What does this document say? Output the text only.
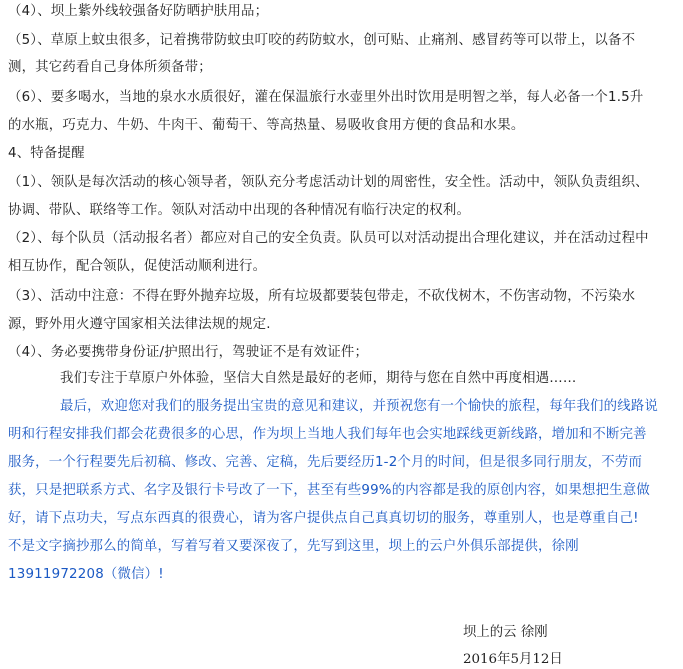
（4）、坝上紫外线较强备好防晒护肤用品；
（5）、草原上蚊虫很多，记着携带防蚊虫叮咬的药防蚊水，创可贴、止痛剂、感冒药等可以带上，以备不
测，其它药看自己身体所须备带；
（6）、要多喝水，当地的泉水水质很好，灌在保温旅行水壶里外出时饮用是明智之举，每人必备一个1.5升
的水瓶，巧克力、牛奶、牛肉干、葡萄干、等高热量、易吸收食用方便的食品和水果。
4、特备提醒
（1）、领队是每次活动的核心领导者，领队充分考虑活动计划的周密性，安全性。活动中，领队负责组织、
协调、带队、联络等工作。领队对活动中出现的各种情况有临行决定的权利。
（2）、每个队员（活动报名者）都应对自己的安全负责。队员可以对活动提出合理化建议，并在活动过程中
相互协作，配合领队，促使活动顺利进行。
（3）、活动中注意：不得在野外抛弃垃圾，所有垃圾都要装包带走，不砍伐树木，不伤害动物，不污染水
源，野外用火遵守国家相关法律法规的规定.
（4）、务必要携带身份证/护照出行，驾驶证不是有效证件；
我们专注于草原户外体验，坚信大自然是最好的老师，期待与您在自然中再度相遇……
最后，欢迎您对我们的服务提出宝贵的意见和建议，并预祝您有一个愉快的旅程，每年我们的线路说
明和行程安排我们都会花费很多的心思，作为坝上当地人我们每年也会实地踩线更新线路，增加和不断完善
服务，一个行程要先后初稿、修改、完善、定稿，先后要经历1-2个月的时间，但是很多同行朋友，不劳而
获，只是把联系方式、名字及银行卡号改了一下，甚至有些99%的内容都是我的原创内容，如果想把生意做
好，请下点功夫，写点东西真的很费心，请为客户提供点自己真真切切的服务，尊重别人，也是尊重自己!
不是文字摘抄那么的简单，写着写着又要深夜了，先写到这里，坝上的云户外俱乐部提供，徐刚
13911972208（微信）!
坝上的云 徐刚
2016年5月12日
